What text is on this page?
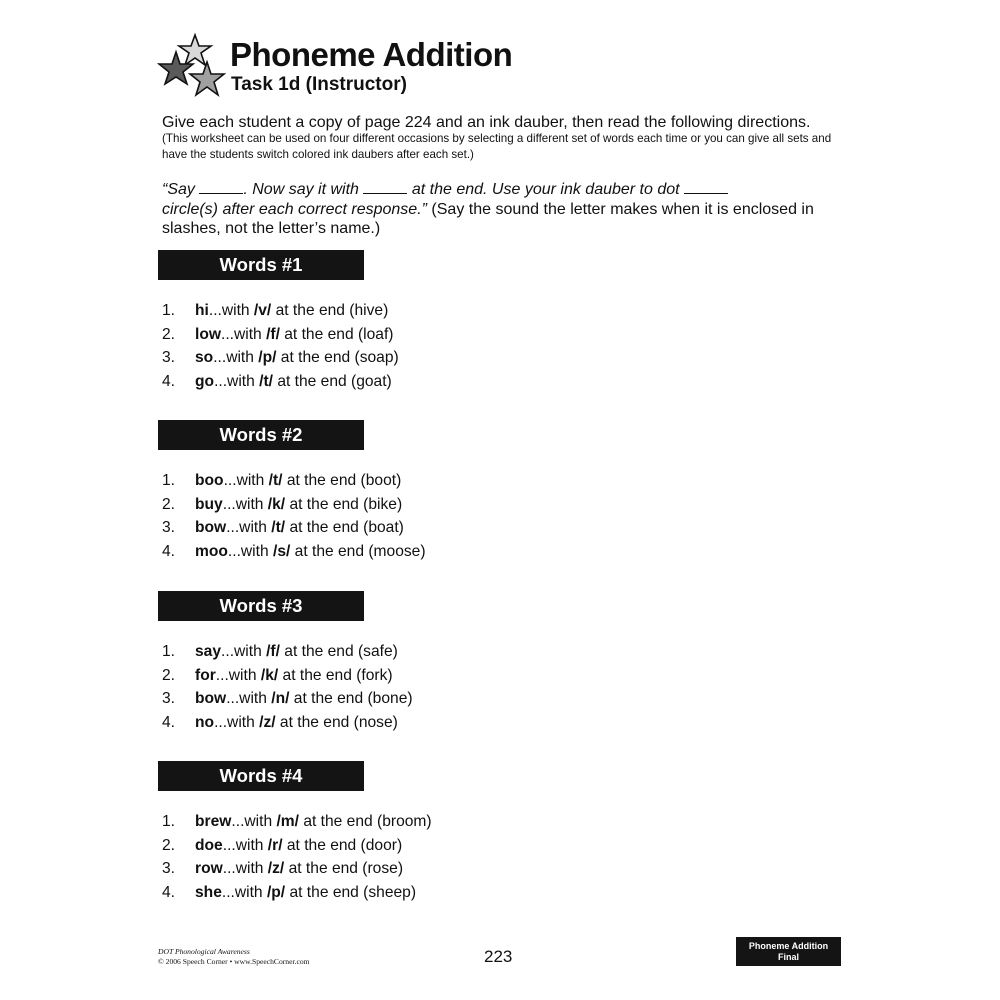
Phoneme Addition
Task 1d (Instructor)
Give each student a copy of page 224 and an ink dauber, then read the following directions.
(This worksheet can be used on four different occasions by selecting a different set of words each time or you can give all sets and have the students switch colored ink daubers after each set.)
“Say	. Now say it with	at the end. Use your ink dauber to dot
circle(s) after each correct response.” (Say the sound the letter makes when it is enclosed in slashes, not the letter’s name.)
Words #1
1. hi...with /v/ at the end (hive)
2. low...with /f/ at the end (loaf)
3. so...with /p/ at the end (soap)
4. go...with /t/ at the end (goat)
Words #2
1. boo...with /t/ at the end (boot)
2. buy...with /k/ at the end (bike)
3. bow...with /t/ at the end (boat)
4. moo...with /s/ at the end (moose)
Words #3
1. say...with /f/ at the end (safe)
2. for...with /k/ at the end (fork)
3. bow...with /n/ at the end (bone)
4. no...with /z/ at the end (nose)
Words #4
1. brew...with /m/ at the end (broom)
2. doe...with /r/ at the end (door)
3. row...with /z/ at the end (rose)
4. she...with /p/ at the end (sheep)
DOT Phonological Awareness
© 2006 Speech Corner • www.SpeechCorner.com	223
Phoneme Addition
Final
